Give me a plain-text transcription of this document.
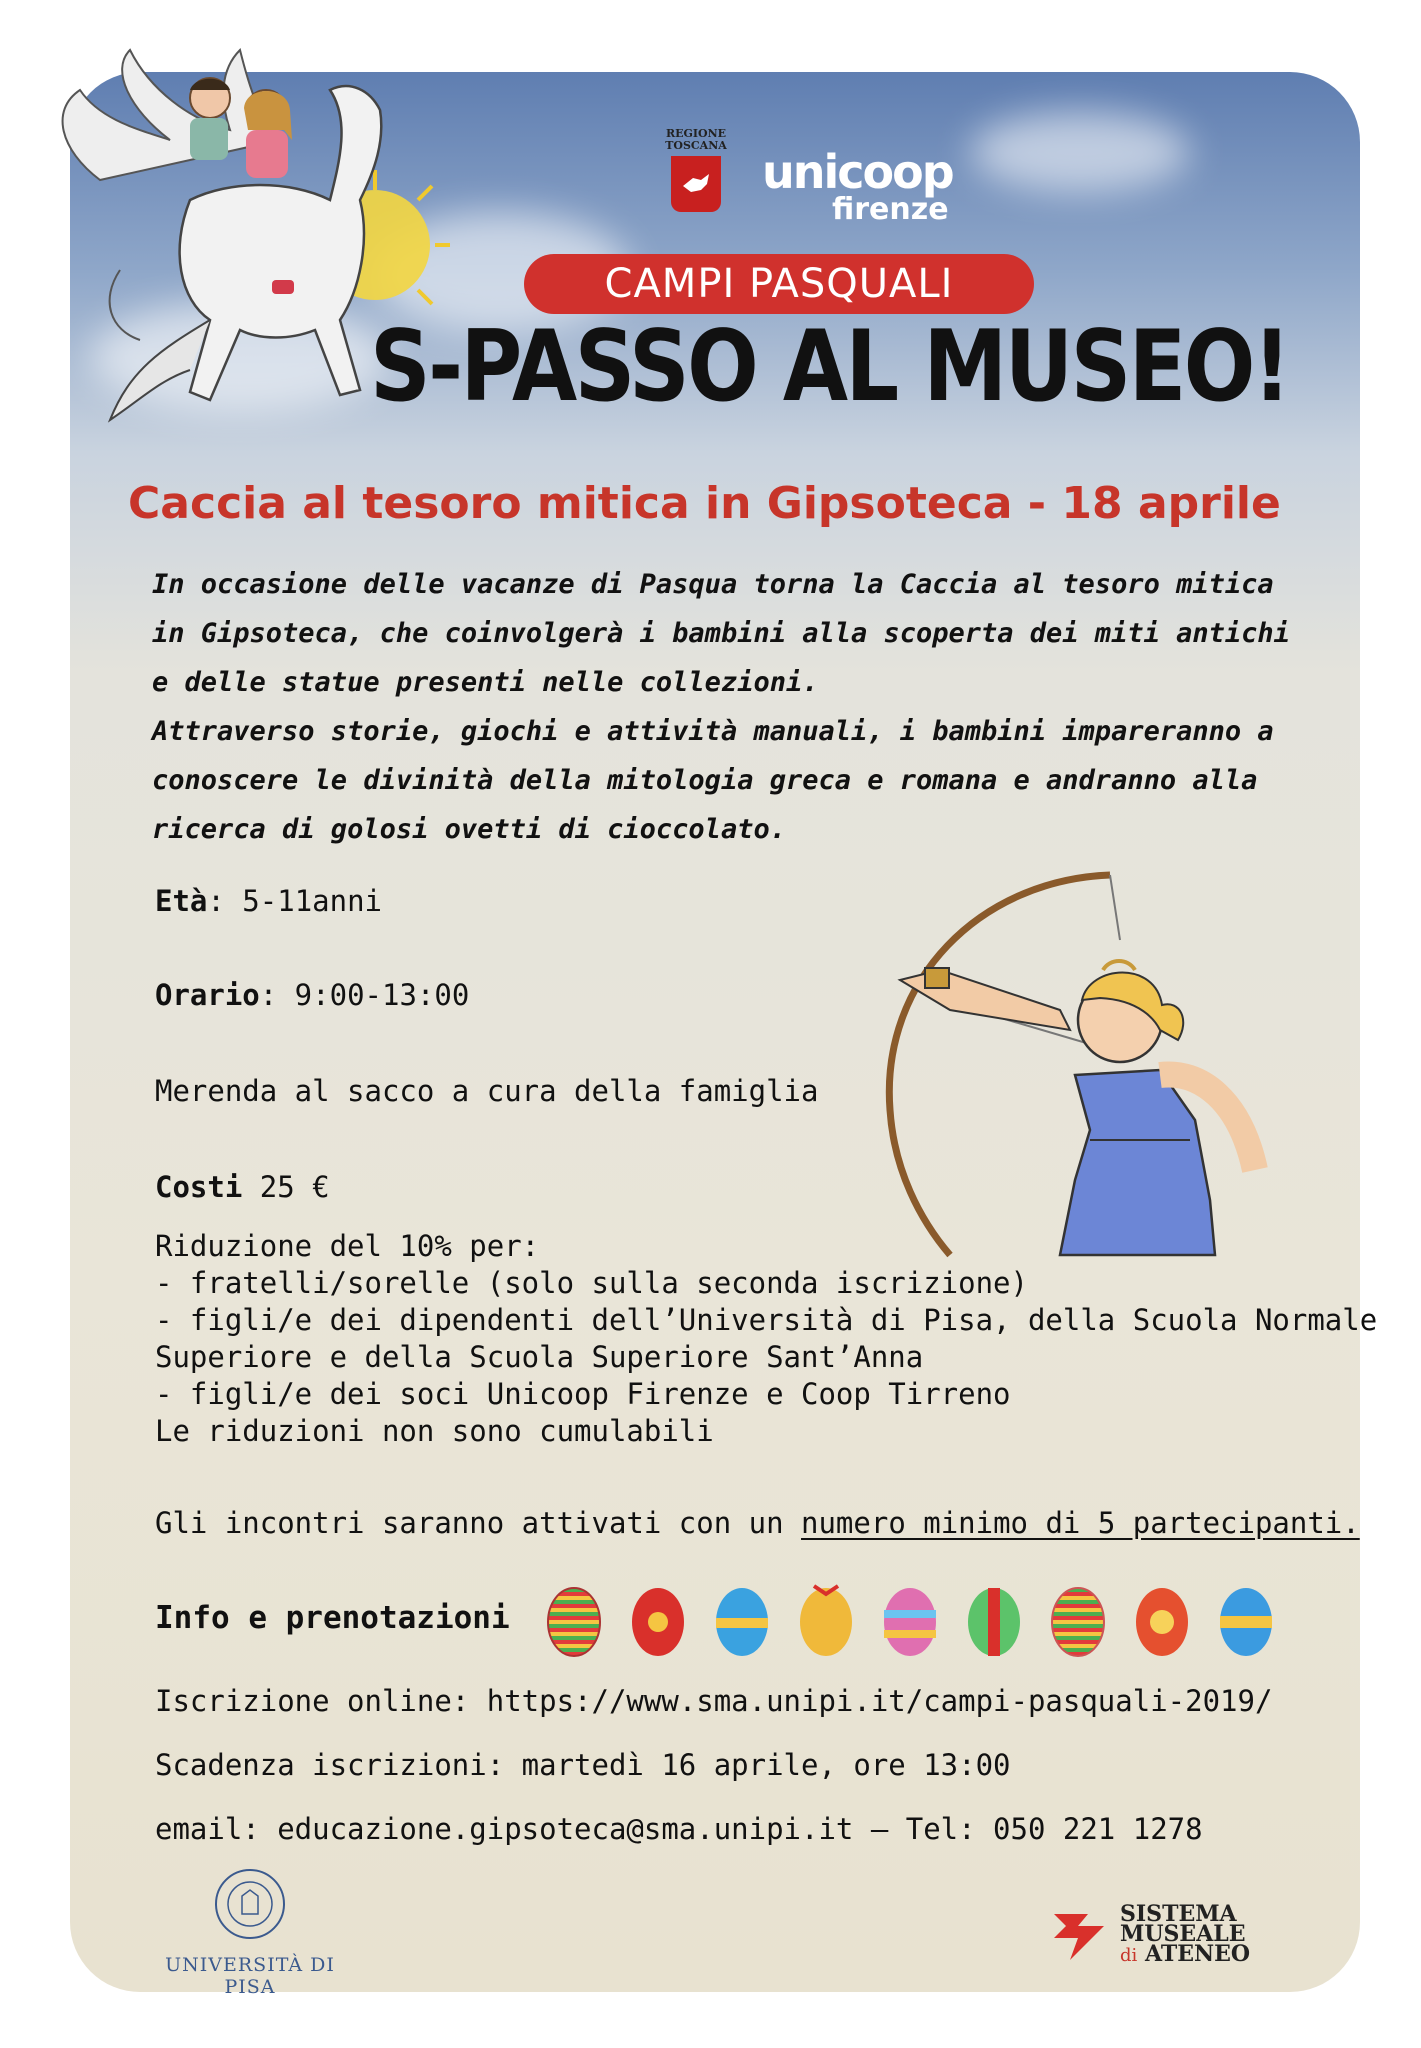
REGIONE
TOSCANA unicoop
firenze
CAMPI PASQUALI
S-PASSO AL MUSEO!
Caccia al tesoro mitica in Gipsoteca - 18 aprile

In occasione delle vacanze di Pasqua torna la Caccia al tesoro mitica

in Gipsoteca, che coinvolgerà i bambini alla scoperta dei miti antichi

e delle statue presenti nelle collezioni.

Attraverso storie, giochi e attività manuali, i bambini impareranno a

conoscere le divinità della mitologia greca e romana e andranno alla

ricerca di golosi ovetti di cioccolato.

Età: 5-11anni
Orario: 9:00-13:00
Merenda al sacco a cura della famiglia
Costi 25 €
Riduzione del 10% per:
- fratelli/sorelle (solo sulla seconda iscrizione)
- figli/e dei dipendenti dell’Università di Pisa, della Scuola Normale
Superiore e della Scuola Superiore Sant’Anna
- figli/e dei soci Unicoop Firenze e Coop Tirreno
Le riduzioni non sono cumulabili
Gli incontri saranno attivati con un numero minimo di 5 partecipanti.
Info e prenotazioni
Iscrizione online: https://www.sma.unipi.it/campi-pasquali-2019/
Scadenza iscrizioni: martedì 16 aprile, ore 13:00
email: educazione.gipsoteca@sma.unipi.it – Tel: 050 221 1278
UNIVERSITÀ DI PISA
SISTEMA
MUSEALE
di ATENEO
